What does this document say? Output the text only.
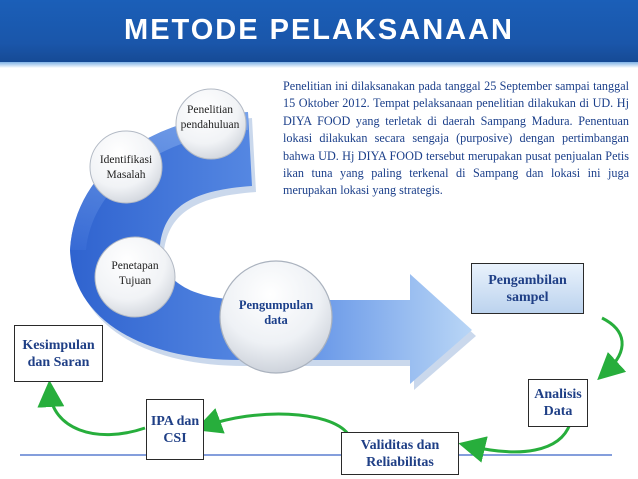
METODE PELAKSANAAN
Penelitian ini dilaksanakan pada tanggal 25 September sampai tanggal 15 Oktober 2012. Tempat pelaksanaan penelitian dilakukan di UD. Hj DIYA FOOD yang terletak di daerah Sampang Madura. Penentuan lokasi dilakukan secara sengaja (purposive) dengan pertimbangan bahwa UD. Hj DIYA FOOD tersebut merupakan pusat penjualan Petis ikan tuna yang paling terkenal di Sampang dan lokasi ini juga merupakan lokasi yang strategis.
Penelitian pendahuluan
Identifikasi Masalah
Penetapan Tujuan
Pengumpulan data
Pengambilan sampel
Analisis Data
Validitas dan Reliabilitas
IPA dan CSI
Kesimpulan dan Saran
